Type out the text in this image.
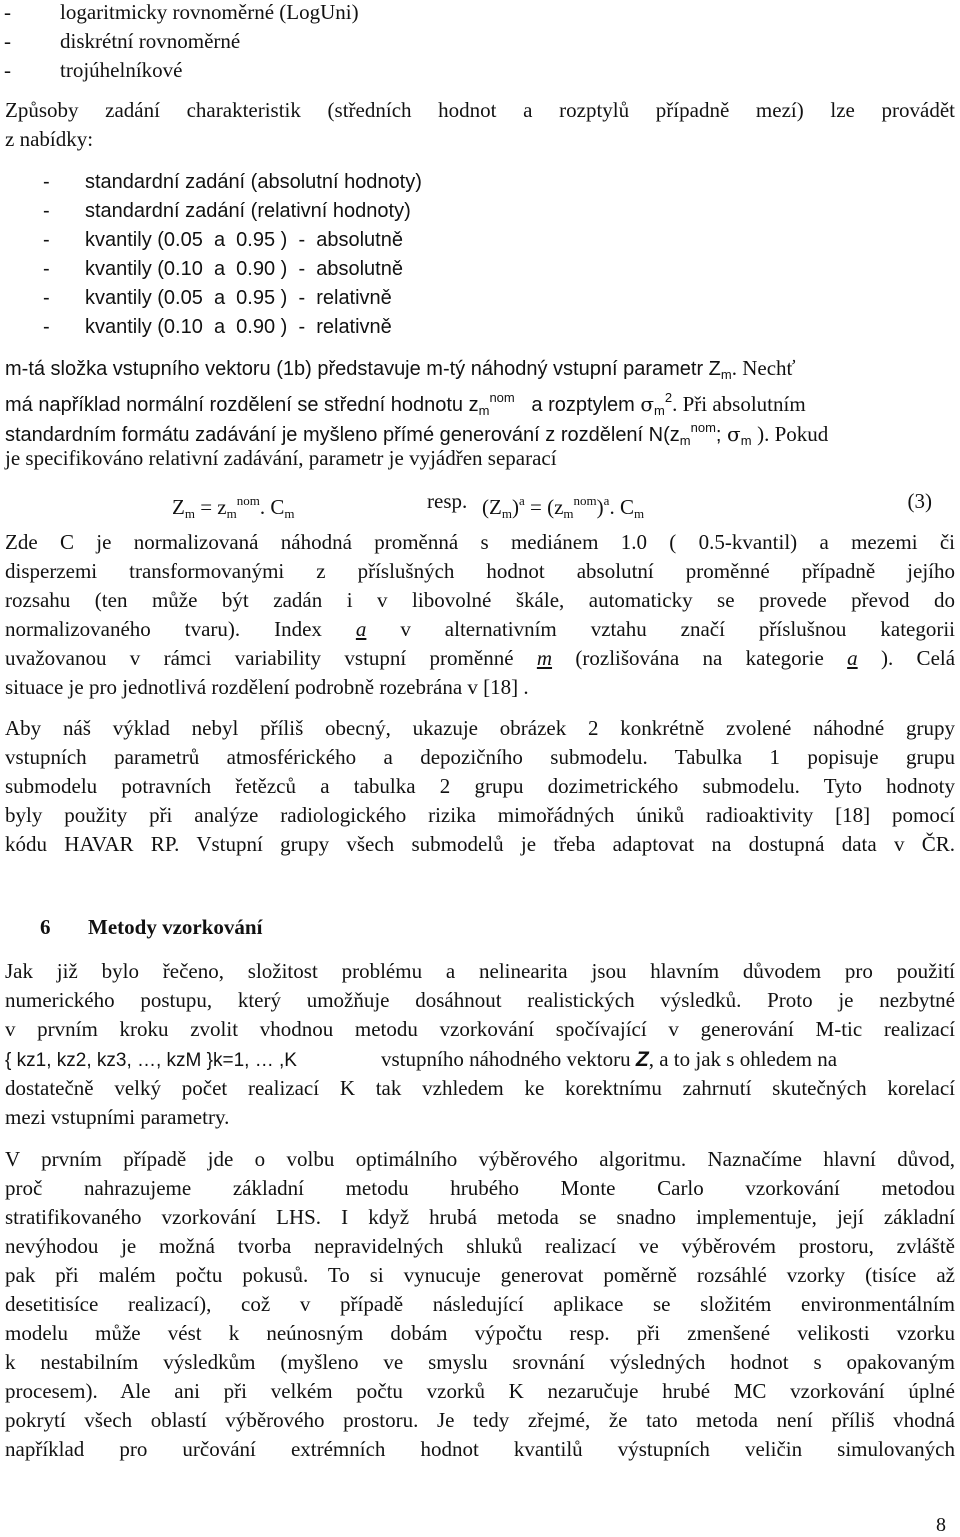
- logaritmicky rovnoměrné (LogUni)
- diskrétní rovnoměrné
- trojúhelníkové
Způsoby zadání charakteristik (středních hodnot a rozptylů případně mezí) lze provádět
z nabídky:
- standardní zadání (absolutní hodnoty)
- standardní zadání (relativní hodnoty)
- kvantily (0.05  a  0.95 )  -  absolutně
- kvantily (0.10  a  0.90 )  -  absolutně
- kvantily (0.05  a  0.95 )  -  relativně
- kvantily (0.10  a  0.90 )  -  relativně
m-tá složka vstupního vektoru (1b) představuje m-tý náhodný vstupní parametr $Z_m$. Nechť
má například normální rozdělení se střední hodnotu $z_m^{nom}$ a rozptylem $\sigma_m^2$. Při absolutním
standardním formátu zadávání je myšleno přímé generování z rozdělení $N(z_m^{nom}$; $\sigma_m$ ). Pokud
je specifikováno relativní zadávání, parametr je vyjádřen separací
$Z_m = z_m^{nom}$. $C_m$
resp. $(Z_m)^a = (z_m^{nom})^a$. $C_m$
(3)
Zde C je normalizovaná náhodná proměnná s mediánem 1.0 ( 0.5-kvantil) a mezemi či
disperzemi transformovanými z příslušných hodnot absolutní proměnné případně jejího
rozsahu (ten může být zadán i v libovolné škále, automaticky se provede převod do
normalizovaného tvaru). Index a v alternativním vztahu značí příslušnou kategorii
uvažovanou v rámci variability vstupní proměnné m (rozlišována na kategorie a ). Celá
situace je pro jednotlivá rozdělení podrobně rozebrána v [18] .
Aby náš výklad nebyl příliš obecný, ukazuje obrázek 2 konkrétně zvolené náhodné grupy
vstupních parametrů atmosférického a depozičního submodelu. Tabulka 1 popisuje grupu
submodelu potravních řetězců a tabulka 2 grupu dozimetrického submodelu. Tyto hodnoty
byly použity při analýze radiologického rizika mimořádných úniků radioaktivity [18] pomocí
kódu HAVAR RP. Vstupní grupy všech submodelů je třeba adaptovat na dostupná data v ČR.
6 Metody vzorkování
Jak již bylo řečeno, složitost problému a nelinearita jsou hlavním důvodem pro použití
numerického postupu, který umožňuje dosáhnout realistických výsledků. Proto je nezbytné
v prvním kroku zvolit vhodnou metodu vzorkování spočívající v generování M-tic realizací
{ kz1, kz2, kz3, …, kzM }k=1, … ,K	vstupního náhodného vektoru Z, a to jak s ohledem na
dostatečně velký počet realizací K tak vzhledem ke korektnímu zahrnutí skutečných korelací
mezi vstupními parametry.
V prvním případě jde o volbu optimálního výběrového algoritmu. Naznačíme hlavní důvod,
proč nahrazujeme základní metodu hrubého Monte Carlo vzorkování metodou
stratifikovaného vzorkování LHS. I když hrubá metoda se snadno implementuje, její základní
nevýhodou je možná tvorba nepravidelných shluků realizací ve výběrovém prostoru, zvláště
pak při malém počtu pokusů. To si vynucuje generovat poměrně rozsáhlé vzorky (tisíce až
desetitisíce realizací), což v případě následující aplikace se složitém environmentálním
modelu může vést k neúnosným dobám výpočtu resp. při zmenšené velikosti vzorku
k nestabilním výsledkům (myšleno ve smyslu srovnání výsledných hodnot s opakovaným
procesem). Ale ani při velkém počtu vzorků K nezaručuje hrubé MC vzorkování úplné
pokrytí všech oblastí výběrového prostoru. Je tedy zřejmé, že tato metoda není příliš vhodná
například pro určování extrémních hodnot kvantilů výstupních veličin simulovaných
8
